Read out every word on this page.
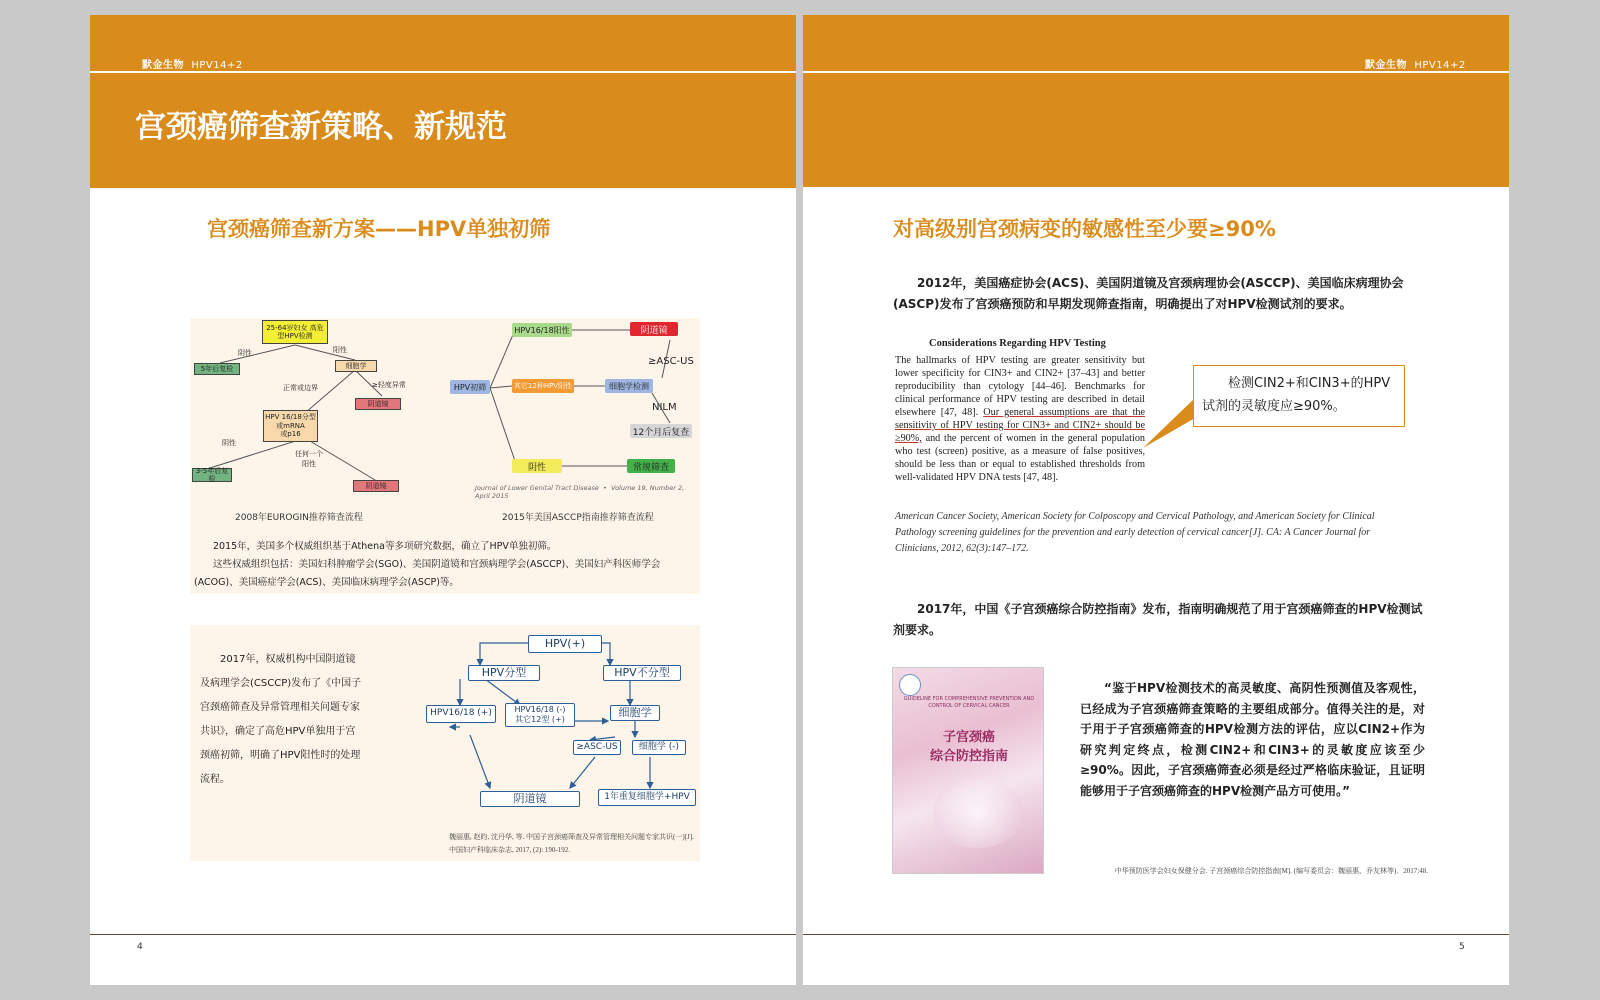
默金生物 HPV14+2
宫颈癌筛查新策略、新规范
宫颈癌筛查新方案——HPV单独初筛
25-64岁妇女 高危型HPV检测
5年后复检	细胞学
阴道镜
HPV 16/18分型
或mRNA
或p16
3-5年后复检
阴道镜
阴性	阳性
正常或边界	≥轻度异常
阴性
任何一个
阳性
2008年EUROGIN推荐筛查流程
HPV初筛
HPV16/18阳性
其它12种HPV阳性
阴性
阴道镜
细胞学检测
12个月后复查
常规筛查
≥ASC-US
NILM
Journal of Lower Genital Tract Disease  •  Volume 19, Number 2, April 2015
2015年美国ASCCP指南推荐筛查流程

2015年，美国多个权威组织基于Athena等多项研究数据，确立了HPV单独初筛。

这些权威组织包括：美国妇科肿瘤学会(SGO)、美国阴道镜和宫颈病理学会(ASCCP)、美国妇产科医师学会(ACOG)、美国癌症学会(ACS)、美国临床病理学会(ASCP)等。

2017年，权威机构中国阴道镜及病理学会(CSCCP)发布了《中国子宫颈癌筛查及异常管理相关问题专家共识》，确定了高危HPV单独用于宫颈癌初筛，明确了HPV阳性时的处理流程。

HPV(+)
HPV分型	HPV不分型
HPV16/18 (+)	HPV16/18 (-)
其它12型 (+)
细胞学
≥ASC-US	细胞学 (-)
阴道镜	1年重复细胞学+HPV
魏丽惠, 赵昀, 沈丹华, 等. 中国子宫颈癌筛查及异常管理相关问题专家共识(一)[J]. 中国妇产科临床杂志, 2017, (2): 190-192.
4
默金生物 HPV14+2
对高级别宫颈病变的敏感性至少要≥90%

2012年，美国癌症协会(ACS)、美国阴道镜及宫颈病理协会(ASCCP)、美国临床病理协会(ASCP)发布了宫颈癌预防和早期发现筛查指南，明确提出了对HPV检测试剂的要求。

Considerations Regarding HPV Testing
The hallmarks of HPV testing are greater sensitivity but lower specificity for CIN3+ and CIN2+ [37–43] and better reproducibility than cytology [44–46]. Benchmarks for clinical performance of HPV testing are described in detail elsewhere [47, 48]. Our general assumptions are that the sensitivity of HPV testing for CIN3+ and CIN2+ should be ≥90%, and the percent of women in the general population who test (screen) positive, as a measure of false positives, should be less than or equal to established thresholds from well-validated HPV DNA tests [47, 48].

检测CIN2+和CIN3+的HPV试剂的灵敏度应≥90%。

American Cancer Society, American Society for Colposcopy and Cervical Pathology, and American Society for Clinical Pathology screening guidelines for the prevention and early detection of cervical cancer[J]. CA: A Cancer Journal for Clinicians, 2012, 62(3):147–172.

2017年，中国《子宫颈癌综合防控指南》发布，指南明确规范了用于宫颈癌筛查的HPV检测试剂要求。

GUIDELINE FOR COMPREHENSIVE PREVENTION AND CONTROL OF CERVICAL CANCER
子宫颈癌
综合防控指南

“鉴于HPV检测技术的高灵敏度、高阴性预测值及客观性，已经成为子宫颈癌筛查策略的主要组成部分。值得关注的是，对于用于子宫颈癌筛查的HPV检测方法的评估，应以CIN2+作为研究判定终点，检测CIN2+和CIN3+的灵敏度应该至少≥90%。因此，子宫颈癌筛查必须是经过严格临床验证，且证明能够用于子宫颈癌筛查的HPV检测产品方可使用。”

中华预防医学会妇女保健分会. 子宫颈癌综合防控指南[M]. (编写委员会：魏丽惠、乔友林等)．2017:48.
5
